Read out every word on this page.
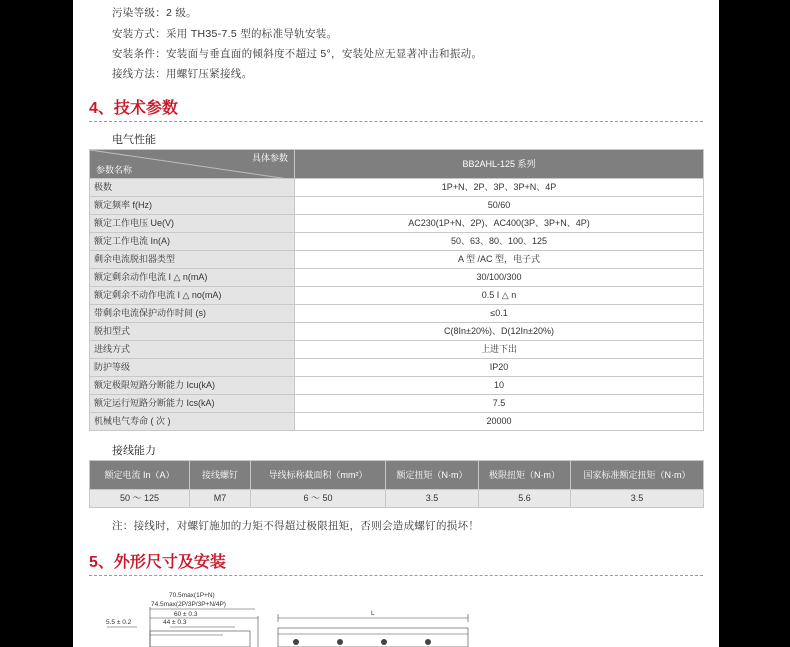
污染等级：2 级。
安装方式：采用 TH35-7.5 型的标准导轨安装。
安装条件：安装面与垂直面的倾斜度不超过 5°，安装处应无显著冲击和振动。
接线方法：用螺钉压紧接线。
4、技术参数
电气性能
具体参数
参数名称	BB2AHL-125 系列
极数	1P+N、2P、3P、3P+N、4P
额定频率 f(Hz)	50/60
额定工作电压 Ue(V)	AC230(1P+N、2P)、AC400(3P、3P+N、4P)
额定工作电流 In(A)	50、63、80、100、125
剩余电流脱扣器类型	A 型 /AC 型，电子式
额定剩余动作电流 I △ n(mA)	30/100/300
额定剩余不动作电流 I △ no(mA)	0.5 I △ n
带剩余电流保护动作时间 (s)	≤0.1
脱扣型式	C(8In±20%)、D(12In±20%)
进线方式	上进下出
防护等级	IP20
额定极限短路分断能力 Icu(kA)	10
额定运行短路分断能力 Ics(kA)	7.5
机械电气寿命 ( 次 )	20000
接线能力
额定电流 In（A）	接线螺钉	导线标称截面积（mm²）	额定扭矩（N·m）	极限扭矩（N·m）	国家标准额定扭矩（N·m）
50 ～ 125	M7	6 ～ 50	3.5	5.6	3.5
注：接线时，对螺钉施加的力矩不得超过极限扭矩，否则会造成螺钉的损坏！
5、外形尺寸及安装
70.5max(1P+N)
74.5max(2P/3P/3P+N/4P)
60 ± 0.3
44 ± 0.3
5.5 ± 0.2
L
